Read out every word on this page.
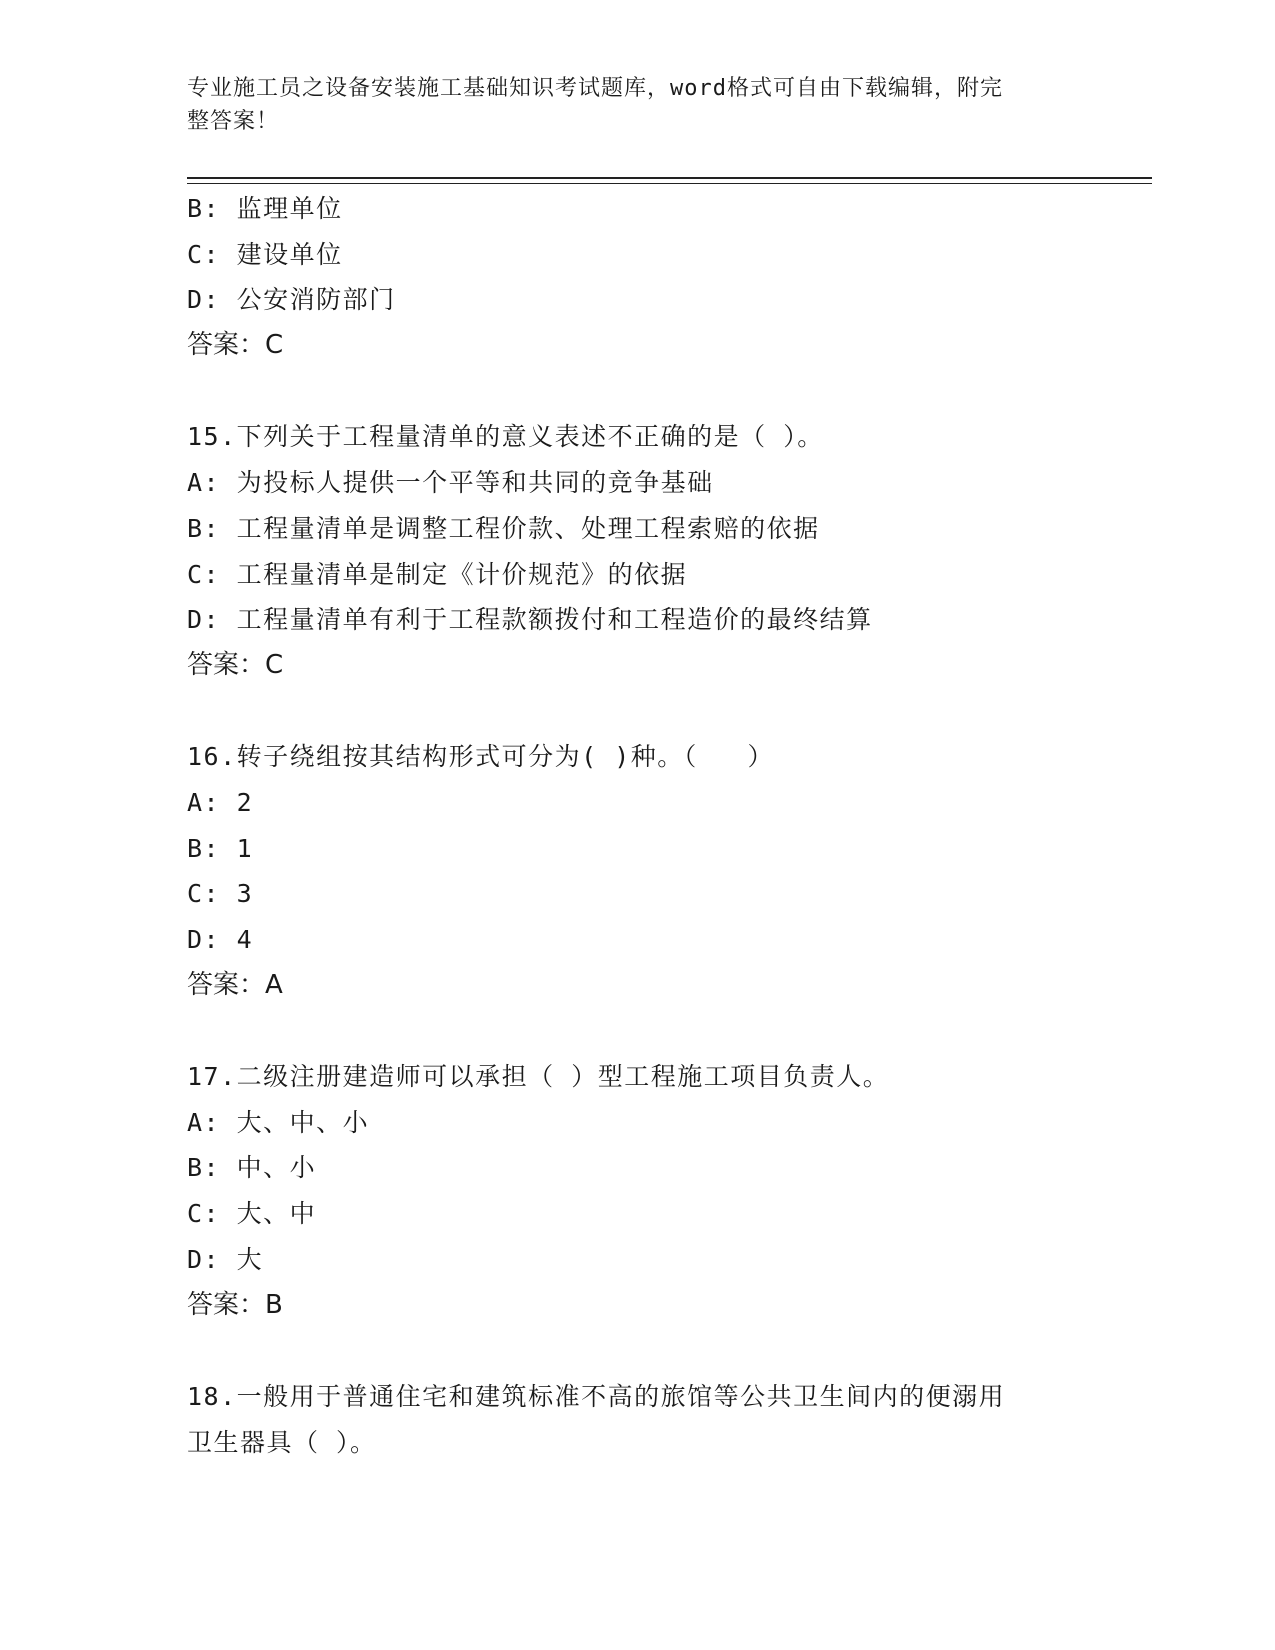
专业施工员之设备安装施工基础知识考试题库，word格式可自由下载编辑，附完
整答案！
B: 监理单位
C: 建设单位
D: 公安消防部门
答案：C
15.下列关于工程量清单的意义表述不正确的是（ ）。
A: 为投标人提供一个平等和共同的竞争基础
B: 工程量清单是调整工程价款、处理工程索赔的依据
C: 工程量清单是制定《计价规范》的依据
D: 工程量清单有利于工程款额拨付和工程造价的最终结算
答案：C
16.转子绕组按其结构形式可分为( )种。（   ）
A: 2
B: 1
C: 3
D: 4
答案：A
17.二级注册建造师可以承担（ ）型工程施工项目负责人。
A: 大、中、小
B: 中、小
C: 大、中
D: 大
答案：B
18.一般用于普通住宅和建筑标准不高的旅馆等公共卫生间内的便溺用
卫生器具（ ）。
